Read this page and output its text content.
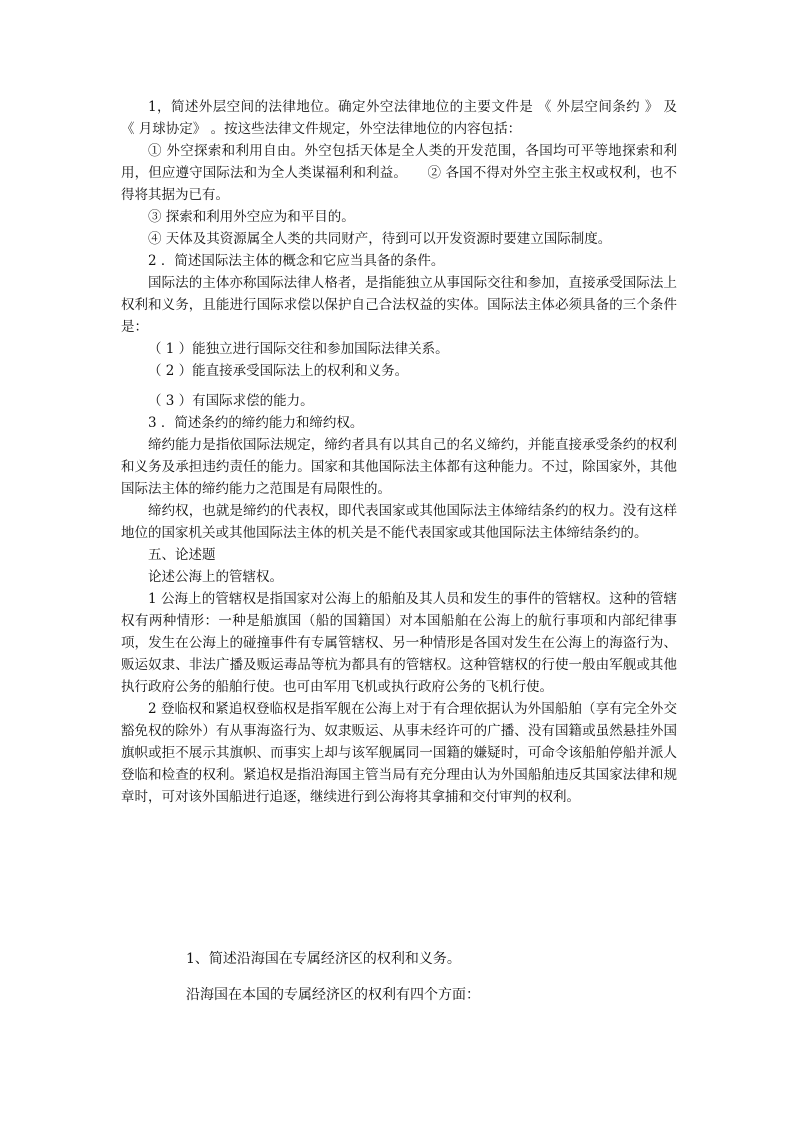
1，简述外层空间的法律地位。确定外空法律地位的主要文件是 《 外层空间条约 》 及 《 月球协定》 。按这些法律文件规定，外空法律地位的内容包括：

① 外空探索和利用自由。外空包括天体是全人类的开发范围，各国均可平等地探索和利用，但应遵守国际法和为全人类谋福利和利益。　　② 各国不得对外空主张主权或权利，也不得将其据为已有。

③ 探索和利用外空应为和平目的。

④ 天体及其资源属全人类的共同财产，待到可以开发资源时要建立国际制度。

2 ．简述国际法主体的概念和它应当具备的条件。

国际法的主体亦称国际法律人格者，是指能独立从事国际交往和参加，直接承受国际法上权利和义务，且能进行国际求偿以保护自己合法权益的实体。国际法主体必须具备的三个条件是：

（ 1 ）能独立进行国际交往和参加国际法律关系。

（ 2 ）能直接承受国际法上的权利和义务。

（ 3 ）有国际求偿的能力。

3 ．简述条约的缔约能力和缔约权。

缔约能力是指依国际法规定，缔约者具有以其自己的名义缔约，并能直接承受条约的权利和义务及承担违约责任的能力。国家和其他国际法主体都有这种能力。不过，除国家外，其他国际法主体的缔约能力之范围是有局限性的。

缔约权，也就是缔约的代表权，即代表国家或其他国际法主体缔结条约的权力。没有这样地位的国家机关或其他国际法主体的机关是不能代表国家或其他国际法主体缔结条约的。

五、论述题

论述公海上的管辖权。

1 公海上的管辖权是指国家对公海上的船舶及其人员和发生的事件的管辖权。这种的管辖权有两种情形：一种是船旗国（船的国籍国）对本国船舶在公海上的航行事项和内部纪律事项，发生在公海上的碰撞事件有专属管辖权、另一种情形是各国对发生在公海上的海盗行为、贩运奴隶、非法广播及贩运毒品等杭为都具有的管辖权。这种管辖权的行使一般由军舰或其他执行政府公务的船舶行使。也可由军用飞机或执行政府公务的飞机行使。

2 登临权和紧追权登临权是指军舰在公海上对于有合理依据认为外国船舶（享有完全外交豁免权的除外）有从事海盗行为、奴隶贩运、从事未经许可的广播、没有国籍或虽然悬挂外国旗帜或拒不展示其旗帜、而事实上却与该军舰属同一国籍的嫌疑时，可命令该船舶停船并派人登临和检查的权利。紧追权是指沿海国主管当局有充分理由认为外国船舶违反其国家法律和规章时，可对该外国船进行追逐，继续进行到公海将其拿捕和交付审判的权利。

1、简述沿海国在专属经济区的权利和义务。

沿海国在本国的专属经济区的权利有四个方面：
